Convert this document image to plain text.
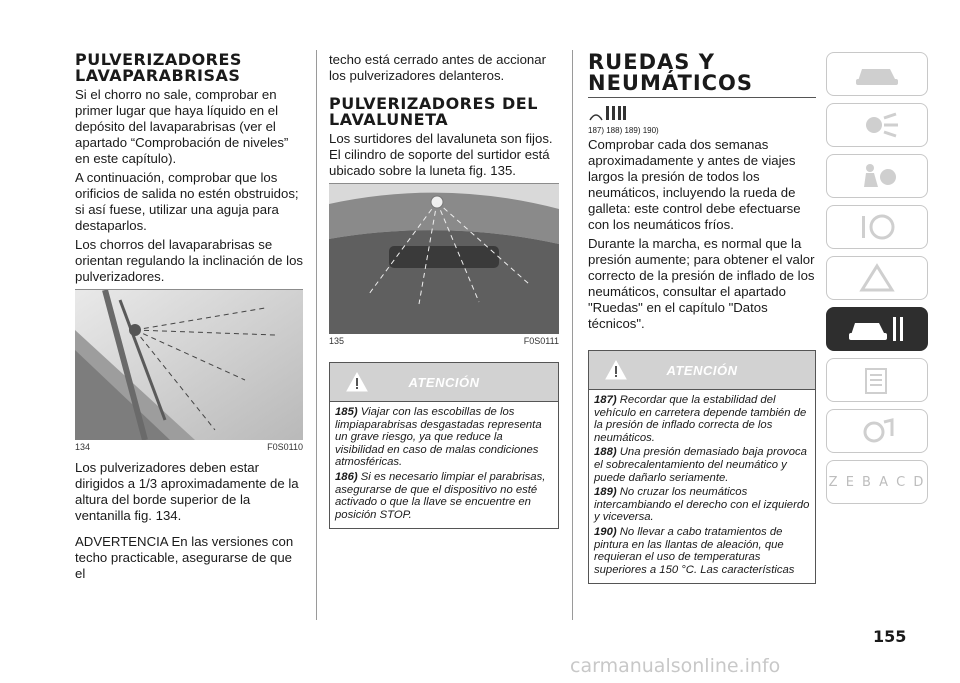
PULVERIZADORES LAVAPARABRISAS

Si el chorro no sale, comprobar en primer lugar que haya líquido en el depósito del lavaparabrisas (ver el apartado “Comprobación de niveles” en este capítulo).

A continuación, comprobar que los orificios de salida no estén obstruidos; si así fuese, utilizar una aguja para destaparlos.

Los chorros del lavaparabrisas se orientan regulando la inclinación de los pulverizadores.

134	F0S0110

Los pulverizadores deben estar dirigidos a 1/3 aproximadamente de la altura del borde superior de la ventanilla fig. 134.

ADVERTENCIA En las versiones con techo practicable, asegurarse de que el

techo está cerrado antes de accionar los pulverizadores delanteros.

PULVERIZADORES DEL LAVALUNETA

Los surtidores del lavaluneta son fijos. El cilindro de soporte del surtidor está ubicado sobre la luneta fig. 135.

135	F0S0111
ATENCIÓN

185) Viajar con las escobillas de los limpiaparabrisas desgastadas representa un grave riesgo, ya que reduce la visibilidad en caso de malas condiciones atmosféricas.

186) Si es necesario limpiar el parabrisas, asegurarse de que el dispositivo no esté activado o que la llave se encuentre en posición STOP.

RUEDAS Y NEUMÁTICOS
187) 188) 189) 190)

Comprobar cada dos semanas aproximadamente y antes de viajes largos la presión de todos los neumáticos, incluyendo la rueda de galleta: este control debe efectuarse con los neumáticos fríos.

Durante la marcha, es normal que la presión aumente; para obtener el valor correcto de la presión de inflado de los neumáticos, consultar el apartado "Ruedas" en el capítulo "Datos técnicos".

ATENCIÓN

187) Recordar que la estabilidad del vehículo en carretera depende también de la presión de inflado correcta de los neumáticos.

188) Una presión demasiado baja provoca el sobrecalentamiento del neumático y puede dañarlo seriamente.

189) No cruzar los neumáticos intercambiando el derecho con el izquierdo y viceversa.

190) No llevar a cabo tratamientos de pintura en las llantas de aleación, que requieran el uso de temperaturas superiores a 150 °C. Las características

Z E B A C D
155
carmanualsonline.info
